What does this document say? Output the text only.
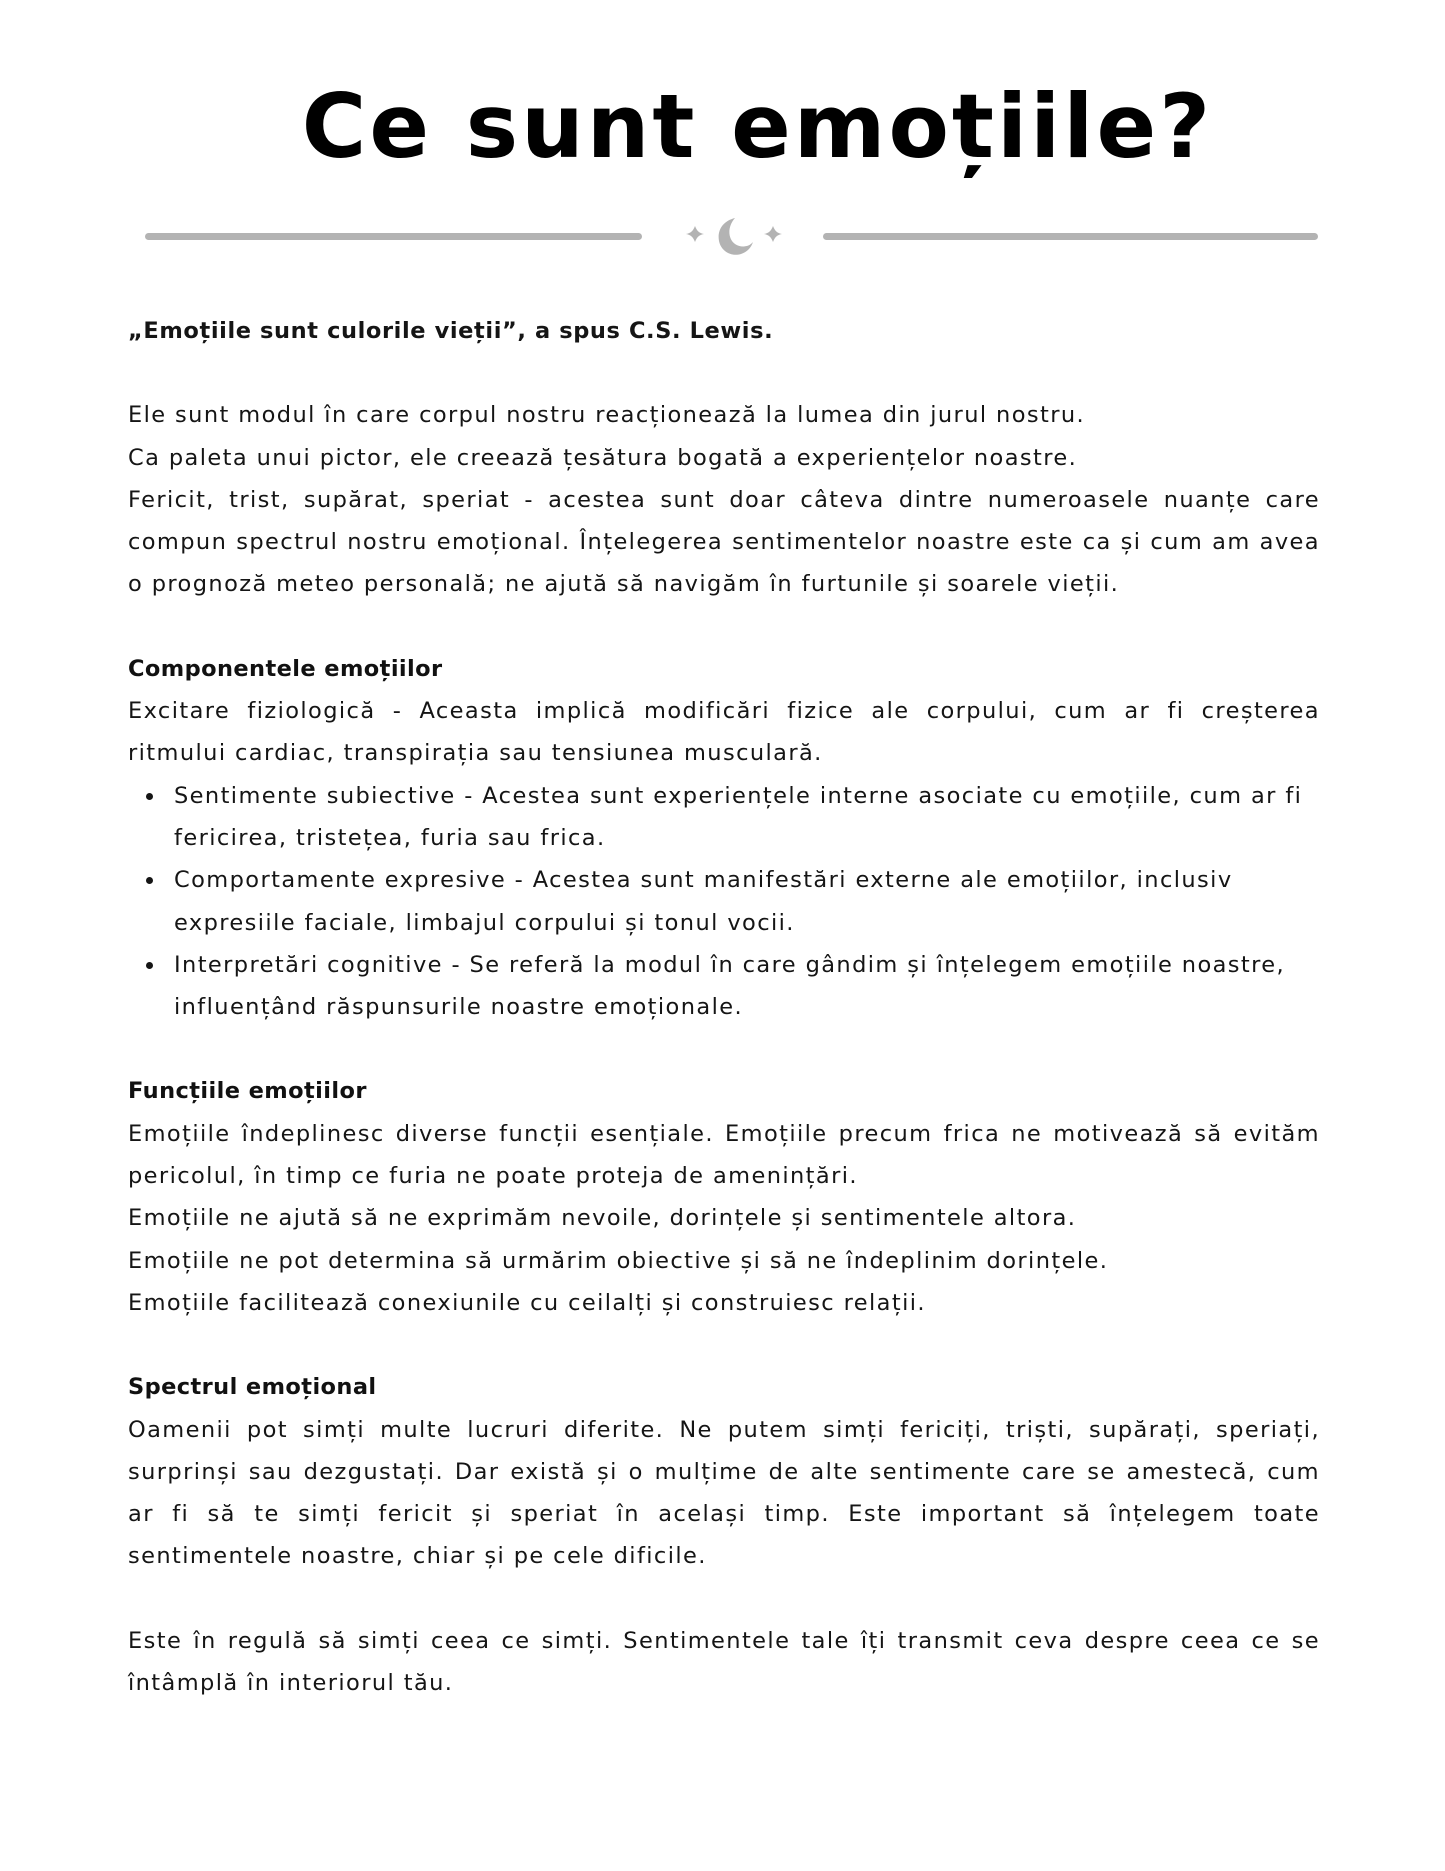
Ce sunt emoțiile?

„Emoțiile sunt culorile vieții”, a spus C.S. Lewis.

Ele sunt modul în care corpul nostru reacționează la lumea din jurul nostru.

Ca paleta unui pictor, ele creează țesătura bogată a experiențelor noastre.

Fericit, trist, supărat, speriat - acestea sunt doar câteva dintre numeroasele nuanțe care compun spectrul nostru emoțional. Înțelegerea sentimentelor noastre este ca și cum am avea o prognoză meteo personală; ne ajută să navigăm în furtunile și soarele vieții.

Componentele emoțiilor

Excitare fiziologică - Aceasta implică modificări fizice ale corpului, cum ar fi creșterea ritmului cardiac, transpirația sau tensiunea musculară.

Sentimente subiective - Acestea sunt experiențele interne asociate cu emoțiile, cum ar fi fericirea, tristețea, furia sau frica.
Comportamente expresive - Acestea sunt manifestări externe ale emoțiilor, inclusiv expresiile faciale, limbajul corpului și tonul vocii.
Interpretări cognitive - Se referă la modul în care gândim și înțelegem emoțiile noastre, influențând răspunsurile noastre emoționale.
Funcțiile emoțiilor

Emoțiile îndeplinesc diverse funcții esențiale. Emoțiile precum frica ne motivează să evităm pericolul, în timp ce furia ne poate proteja de amenințări.

Emoțiile ne ajută să ne exprimăm nevoile, dorințele și sentimentele altora.

Emoțiile ne pot determina să urmărim obiective și să ne îndeplinim dorințele.

Emoțiile facilitează conexiunile cu ceilalți și construiesc relații.

Spectrul emoțional

Oamenii pot simți multe lucruri diferite. Ne putem simți fericiți, triști, supărați, speriați, surprinși sau dezgustați. Dar există și o mulțime de alte sentimente care se amestecă, cum ar fi să te simți fericit și speriat în același timp. Este important să înțelegem toate sentimentele noastre, chiar și pe cele dificile.

Este în regulă să simți ceea ce simți. Sentimentele tale îți transmit ceva despre ceea ce se întâmplă în interiorul tău.
